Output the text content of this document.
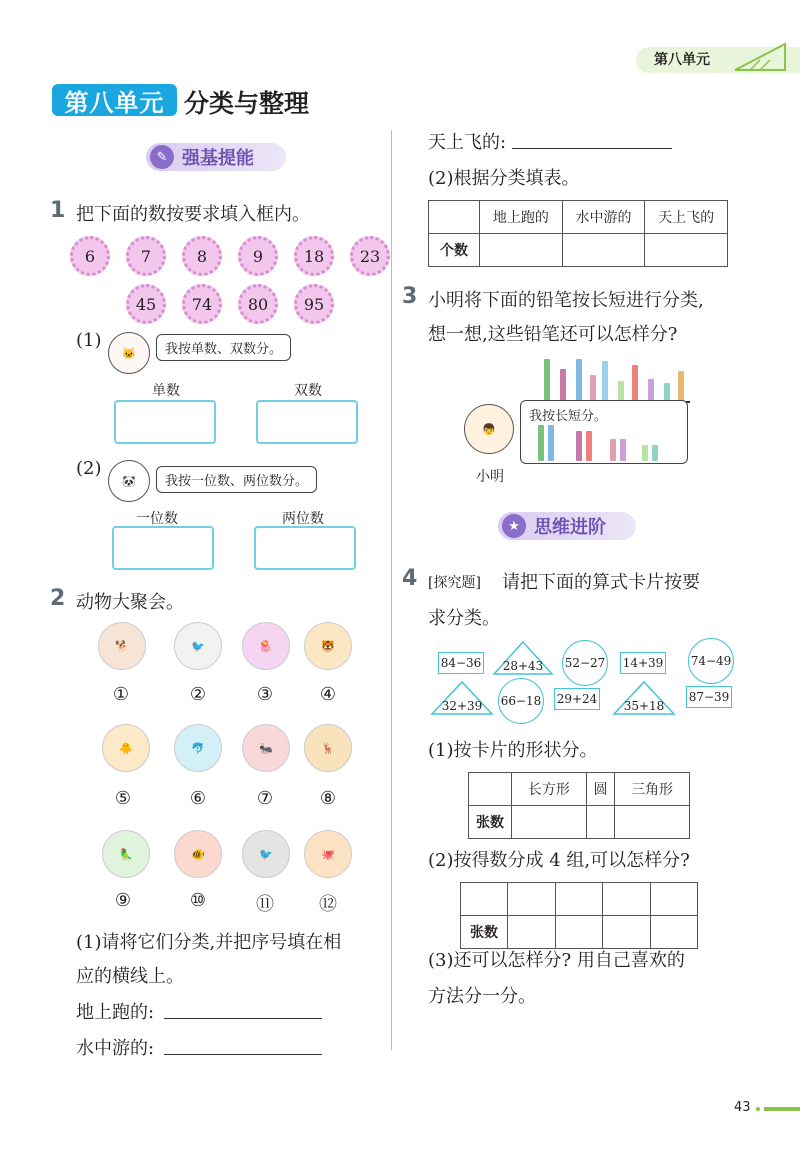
第八单元
第八单元 分类与整理
✎ 强基提能
1 把下面的数按要求填入框内。
6	7	8	9	18	23
45	74	80	95
(1)
🐱	我按单数、双数分。
单数	双数
(2)
🐼	我按一位数、两位数分。
一位数	两位数
2 动物大聚会。
🐕	🐦	🪼	🐯
①	②	③	④
🐥	🐬	🐜	🦌
⑤	⑥	⑦	⑧
🦜	🐠	🐦	🐙
⑨	⑩	⑪	⑫
(1)请将它们分类,并把序号填在相
应的横线上。
地上跑的:
水中游的:
天上飞的:
(2)根据分类填表。
	地上跑的	水中游的	天上飞的
个数			
3 小明将下面的铅笔按长短进行分类,
想一想,这些铅笔还可以怎样分?
👦
小明
我按长短分。
★ 思维进阶
4 [探究题] 请把下面的算式卡片按要
求分类。
84−36	28+43	52−27 14+39 74−49
32+39	66−18 29+24	35+18
87−39
(1)按卡片的形状分。
	长方形	圆	三角形
张数			
(2)按得数分成 4 组,可以怎样分?

张数				
(3)还可以怎样分? 用自己喜欢的
方法分一分。
43
